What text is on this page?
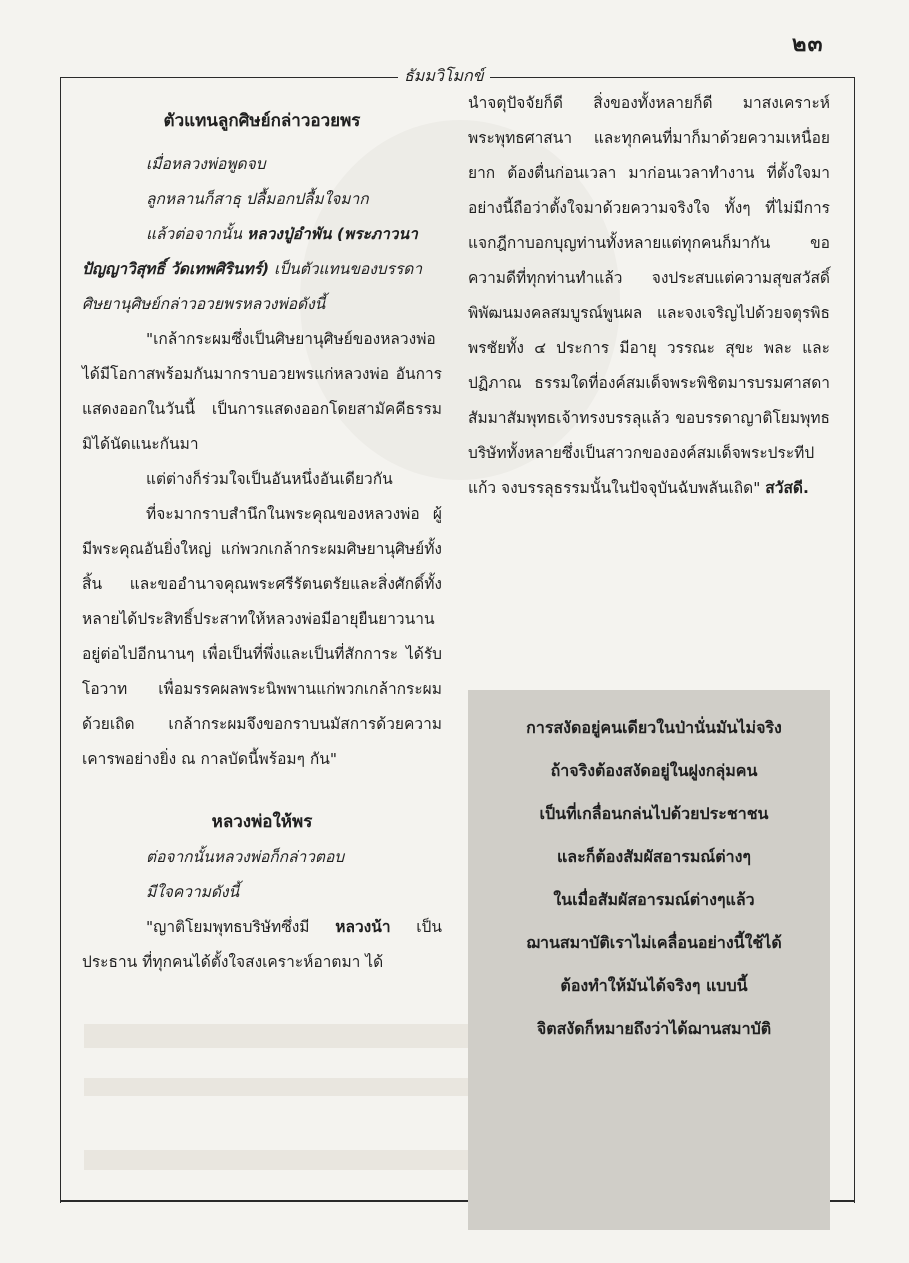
๒๓
ธัมมวิโมกข์

ตัวแทนลูกศิษย์กล่าวอวยพร

เมื่อหลวงพ่อพูดจบ

ลูกหลานก็สาธุ ปลื้มอกปลื้มใจมาก

แล้วต่อจากนั้น หลวงปู่อำพัน (พระภาวนาปัญญาวิสุทธิ์ วัดเทพศิรินทร์) เป็นตัวแทนของบรรดาศิษยานุศิษย์กล่าวอวยพรหลวงพ่อดังนี้

"เกล้ากระผมซึ่งเป็นศิษยานุศิษย์ของหลวงพ่อ ได้มีโอกาสพร้อมกันมากราบอวยพรแก่หลวงพ่อ อันการแสดงออกในวันนี้ เป็นการแสดงออกโดยสามัคคีธรรม มิได้นัดแนะกันมา

แต่ต่างก็ร่วมใจเป็นอันหนึ่งอันเดียวกัน

ที่จะมากราบสำนึกในพระคุณของหลวงพ่อ ผู้มีพระคุณอันยิ่งใหญ่ แก่พวกเกล้ากระผมศิษยานุศิษย์ทั้งสิ้น และขออำนาจคุณพระศรีรัตนตรัยและสิ่งศักดิ์ทั้งหลายได้ประสิทธิ์ประสาทให้หลวงพ่อมีอายุยืนยาวนานอยู่ต่อไปอีกนานๆ เพื่อเป็นที่พึ่งและเป็นที่สักการะ ได้รับโอวาท เพื่อมรรคผลพระนิพพานแก่พวกเกล้ากระผมด้วยเถิด เกล้ากระผมจึงขอกราบนมัสการด้วยความเคารพอย่างยิ่ง ณ กาลบัดนี้พร้อมๆ กัน"

หลวงพ่อให้พร

ต่อจากนั้นหลวงพ่อก็กล่าวตอบ

มีใจความดังนี้

"ญาติโยมพุทธบริษัทซึ่งมี หลวงน้า เป็นประธาน ที่ทุกคนได้ตั้งใจสงเคราะห์อาตมา ได้

นำจตุปัจจัยก็ดี สิ่งของทั้งหลายก็ดี มาสงเคราะห์พระพุทธศาสนา และทุกคนที่มาก็มาด้วยความเหนื่อยยาก ต้องตื่นก่อนเวลา มาก่อนเวลาทำงาน ที่ตั้งใจมาอย่างนี้ถือว่าตั้งใจมาด้วยความจริงใจ ทั้งๆ ที่ไม่มีการแจกฎีกาบอกบุญท่านทั้งหลายแต่ทุกคนก็มากัน ขอความดีที่ทุกท่านทำแล้ว จงประสบแต่ความสุขสวัสดิ์พิพัฒนมงคลสมบูรณ์พูนผล และจงเจริญไปด้วยจตุรพิธพรชัยทั้ง ๔ ประการ มีอายุ วรรณะ สุขะ พละ และปฏิภาณ ธรรมใดที่องค์สมเด็จพระพิชิตมารบรมศาสดาสัมมาสัมพุทธเจ้าทรงบรรลุแล้ว ขอบรรดาญาติโยมพุทธบริษัททั้งหลายซึ่งเป็นสาวกขององค์สมเด็จพระประทีปแก้ว จงบรรลุธรรมนั้นในปัจจุบันฉับพลันเถิด" สวัสดี.

การสงัดอยู่คนเดียวในป่านั่นมันไม่จริง
ถ้าจริงต้องสงัดอยู่ในฝูงกลุ่มคน
เป็นที่เกลื่อนกล่นไปด้วยประชาชน
และก็ต้องสัมผัสอารมณ์ต่างๆ
ในเมื่อสัมผัสอารมณ์ต่างๆแล้ว
ฌานสมาบัติเราไม่เคลื่อนอย่างนี้ใช้ได้
ต้องทำให้มันได้จริงๆ แบบนี้
จิตสงัดก็หมายถึงว่าได้ฌานสมาบัติ
